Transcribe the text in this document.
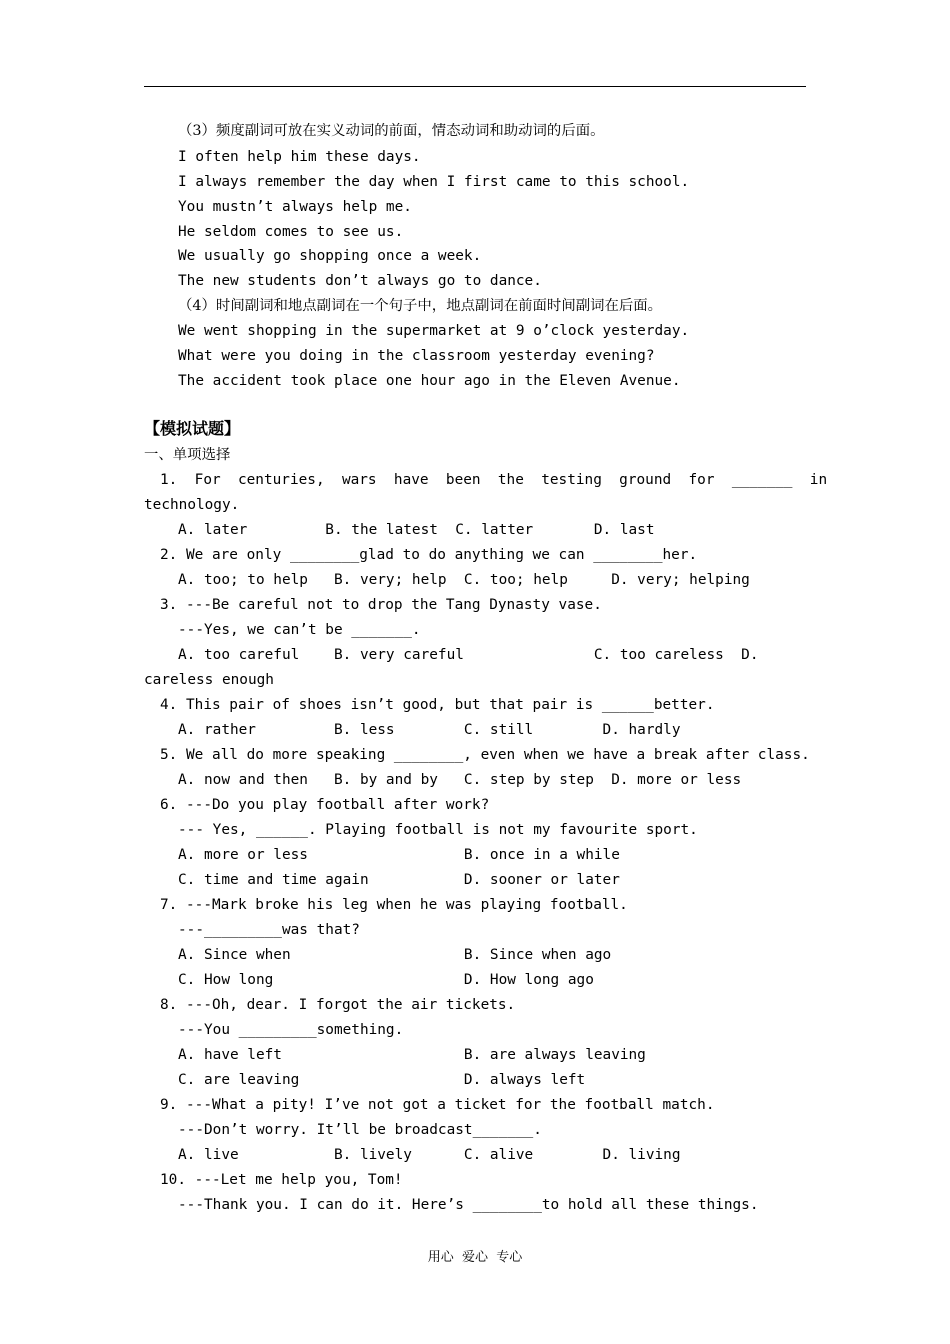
（3）频度副词可放在实义动词的前面，情态动词和助动词的后面。
I often help him these days.
I always remember the day when I first came to this school.
You mustn’t always help me.
He seldom comes to see us.
We usually go shopping once a week.
The new students don’t always go to dance.
（4）时间副词和地点副词在一个句子中，地点副词在前面时间副词在后面。
We went shopping in the supermarket at 9 o’clock yesterday.
What were you doing in the classroom yesterday evening?
The accident took place one hour ago in the Eleven Avenue.
【模拟试题】
一、单项选择
1.  For  centuries,  wars  have  been  the  testing  ground  for  _______  in
technology.
A. later         B. the latest  C. latter       D. last
2. We are only ________glad to do anything we can ________her.
A. too; to help   B. very; help  C. too; help     D. very; helping
3. ---Be careful not to drop the Tang Dynasty vase.
---Yes, we can’t be _______.
A. too careful    B. very careful               C. too careless  D.
careless enough
4. This pair of shoes isn’t good, but that pair is ______better.
A. rather         B. less        C. still        D. hardly
5. We all do more speaking ________, even when we have a break after class.
A. now and then   B. by and by   C. step by step  D. more or less
6. ---Do you play football after work?
--- Yes, ______. Playing football is not my favourite sport.
A. more or less                  B. once in a while
C. time and time again           D. sooner or later
7. ---Mark broke his leg when he was playing football.
---_________was that?
A. Since when                    B. Since when ago
C. How long                      D. How long ago
8. ---Oh, dear. I forgot the air tickets.
---You _________something.
A. have left                     B. are always leaving
C. are leaving                   D. always left
9. ---What a pity! I’ve not got a ticket for the football match.
---Don’t worry. It’ll be broadcast_______.
A. live           B. lively      C. alive        D. living
10. ---Let me help you, Tom!
---Thank you. I can do it. Here’s ________to hold all these things.
用心  爱心  专心
